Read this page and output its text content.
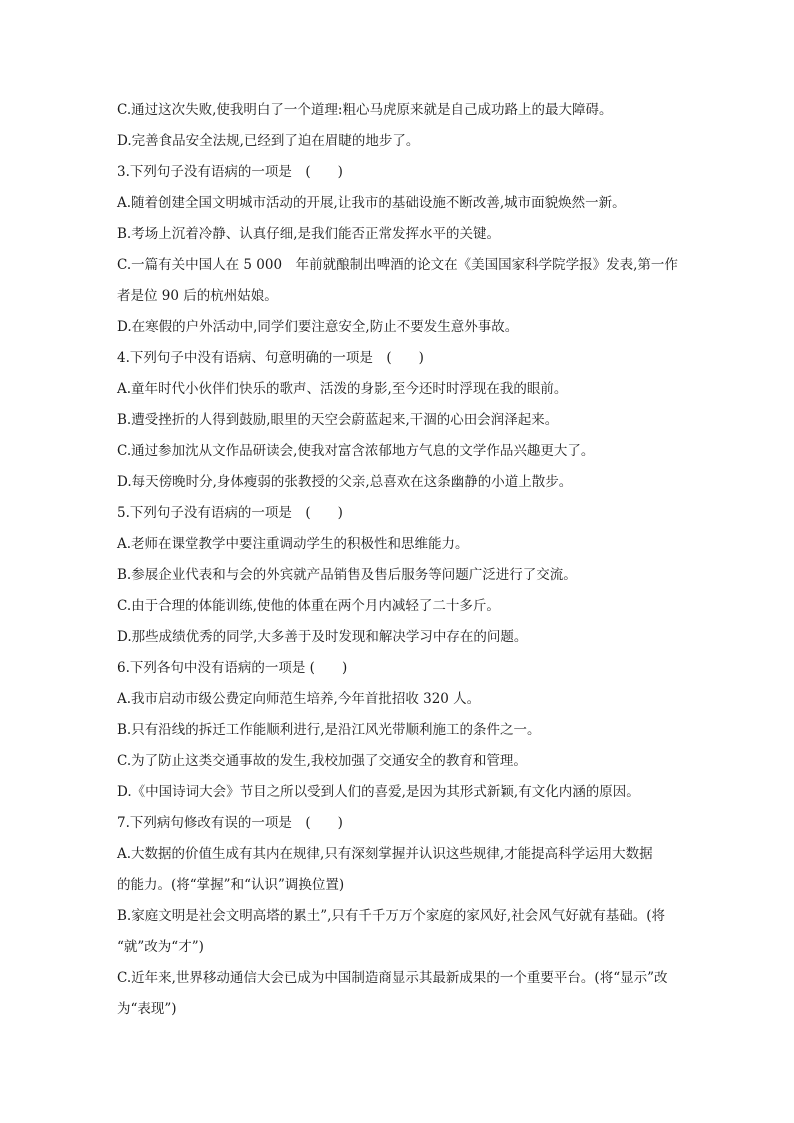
C.通过这次失败,使我明白了一个道理:粗心马虎原来就是自己成功路上的最大障碍。

D.完善食品安全法规,已经到了迫在眉睫的地步了。

3.下列句子没有语病的一项是　(　　)

A.随着创建全国文明城市活动的开展,让我市的基础设施不断改善,城市面貌焕然一新。

B.考场上沉着冷静、认真仔细,是我们能否正常发挥水平的关键。

C.一篇有关中国人在 5 000　年前就酿制出啤酒的论文在《美国国家科学院学报》发表,第一作

者是位 90 后的杭州姑娘。

D.在寒假的户外活动中,同学们要注意安全,防止不要发生意外事故。

4.下列句子中没有语病、句意明确的一项是　(　　)

A.童年时代小伙伴们快乐的歌声、活泼的身影,至今还时时浮现在我的眼前。

B.遭受挫折的人得到鼓励,眼里的天空会蔚蓝起来,干涸的心田会润泽起来。

C.通过参加沈从文作品研读会,使我对富含浓郁地方气息的文学作品兴趣更大了。

D.每天傍晚时分,身体瘦弱的张教授的父亲,总喜欢在这条幽静的小道上散步。

5.下列句子没有语病的一项是　(　　)

A.老师在课堂教学中要注重调动学生的积极性和思维能力。

B.参展企业代表和与会的外宾就产品销售及售后服务等问题广泛进行了交流。

C.由于合理的体能训练,使他的体重在两个月内减轻了二十多斤。

D.那些成绩优秀的同学,大多善于及时发现和解决学习中存在的问题。

6.下列各句中没有语病的一项是 (　　)

A.我市启动市级公费定向师范生培养,今年首批招收 320 人。

B.只有沿线的拆迁工作能顺利进行,是沿江风光带顺利施工的条件之一。

C.为了防止这类交通事故的发生,我校加强了交通安全的教育和管理。

D.《中国诗词大会》节目之所以受到人们的喜爱,是因为其形式新颖,有文化内涵的原因。

7.下列病句修改有误的一项是　(　　)

A.大数据的价值生成有其内在规律,只有深刻掌握并认识这些规律,才能提高科学运用大数据

的能力。(将“掌握”和“认识”调换位置)

B.家庭文明是社会文明高塔的累土”,只有千千万万个家庭的家风好,社会风气好就有基础。(将

“就”改为“才”)

C.近年来,世界移动通信大会已成为中国制造商显示其最新成果的一个重要平台。(将“显示”改

为“表现”)
